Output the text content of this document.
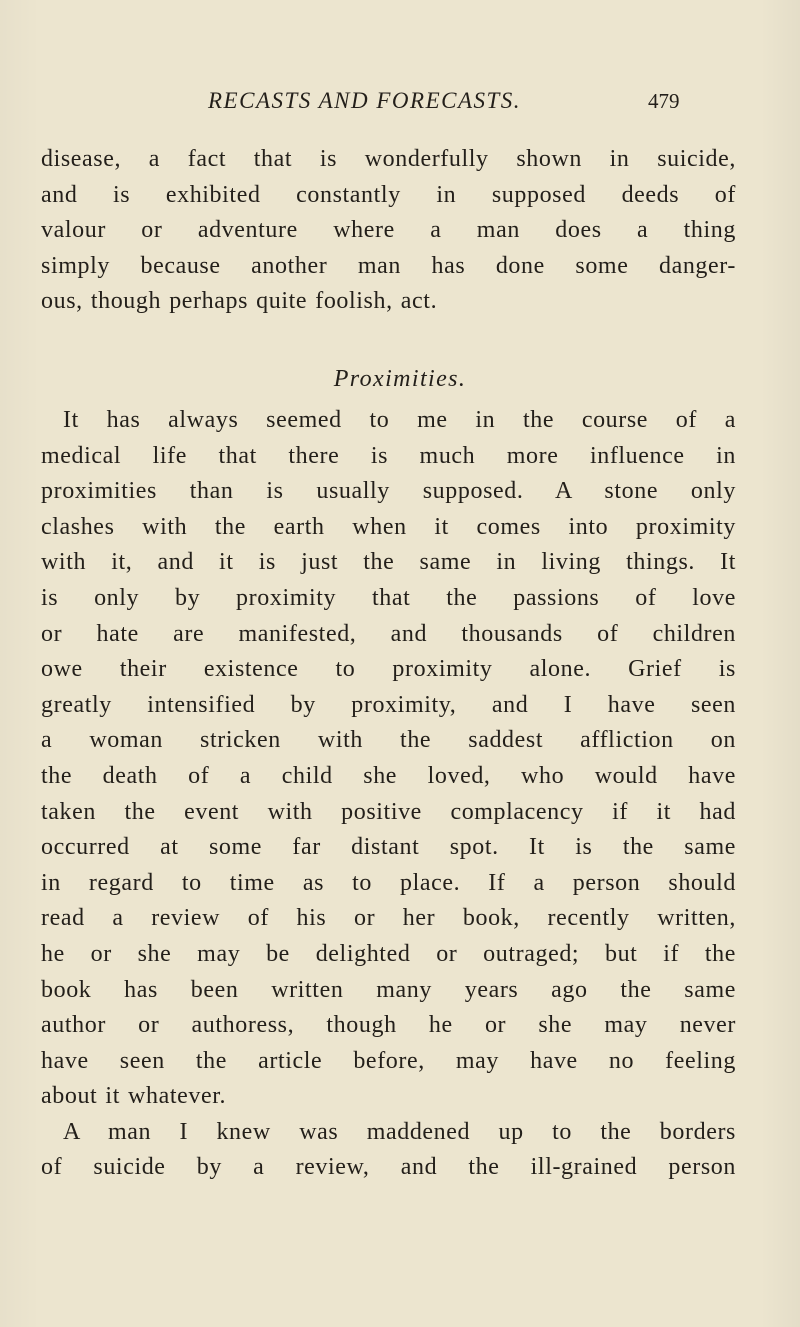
RECASTS AND FORECASTS.	479
disease, a fact that is wonderfully shown in suicide,
and is exhibited constantly in supposed deeds of
valour or adventure where a man does a thing
simply because another man has done some danger-
ous, though perhaps quite foolish, act.
Proximities.
It has always seemed to me in the course of a
medical life that there is much more influence in
proximities than is usually supposed. A stone only
clashes with the earth when it comes into proximity
with it, and it is just the same in living things. It
is only by proximity that the passions of love
or hate are manifested, and thousands of children
owe their existence to proximity alone. Grief is
greatly intensified by proximity, and I have seen
a woman stricken with the saddest affliction on
the death of a child she loved, who would have
taken the event with positive complacency if it had
occurred at some far distant spot. It is the same
in regard to time as to place. If a person should
read a review of his or her book, recently written,
he or she may be delighted or outraged; but if the
book has been written many years ago the same
author or authoress, though he or she may never
have seen the article before, may have no feeling
about it whatever.
A man I knew was maddened up to the borders
of suicide by a review, and the ill-grained person
